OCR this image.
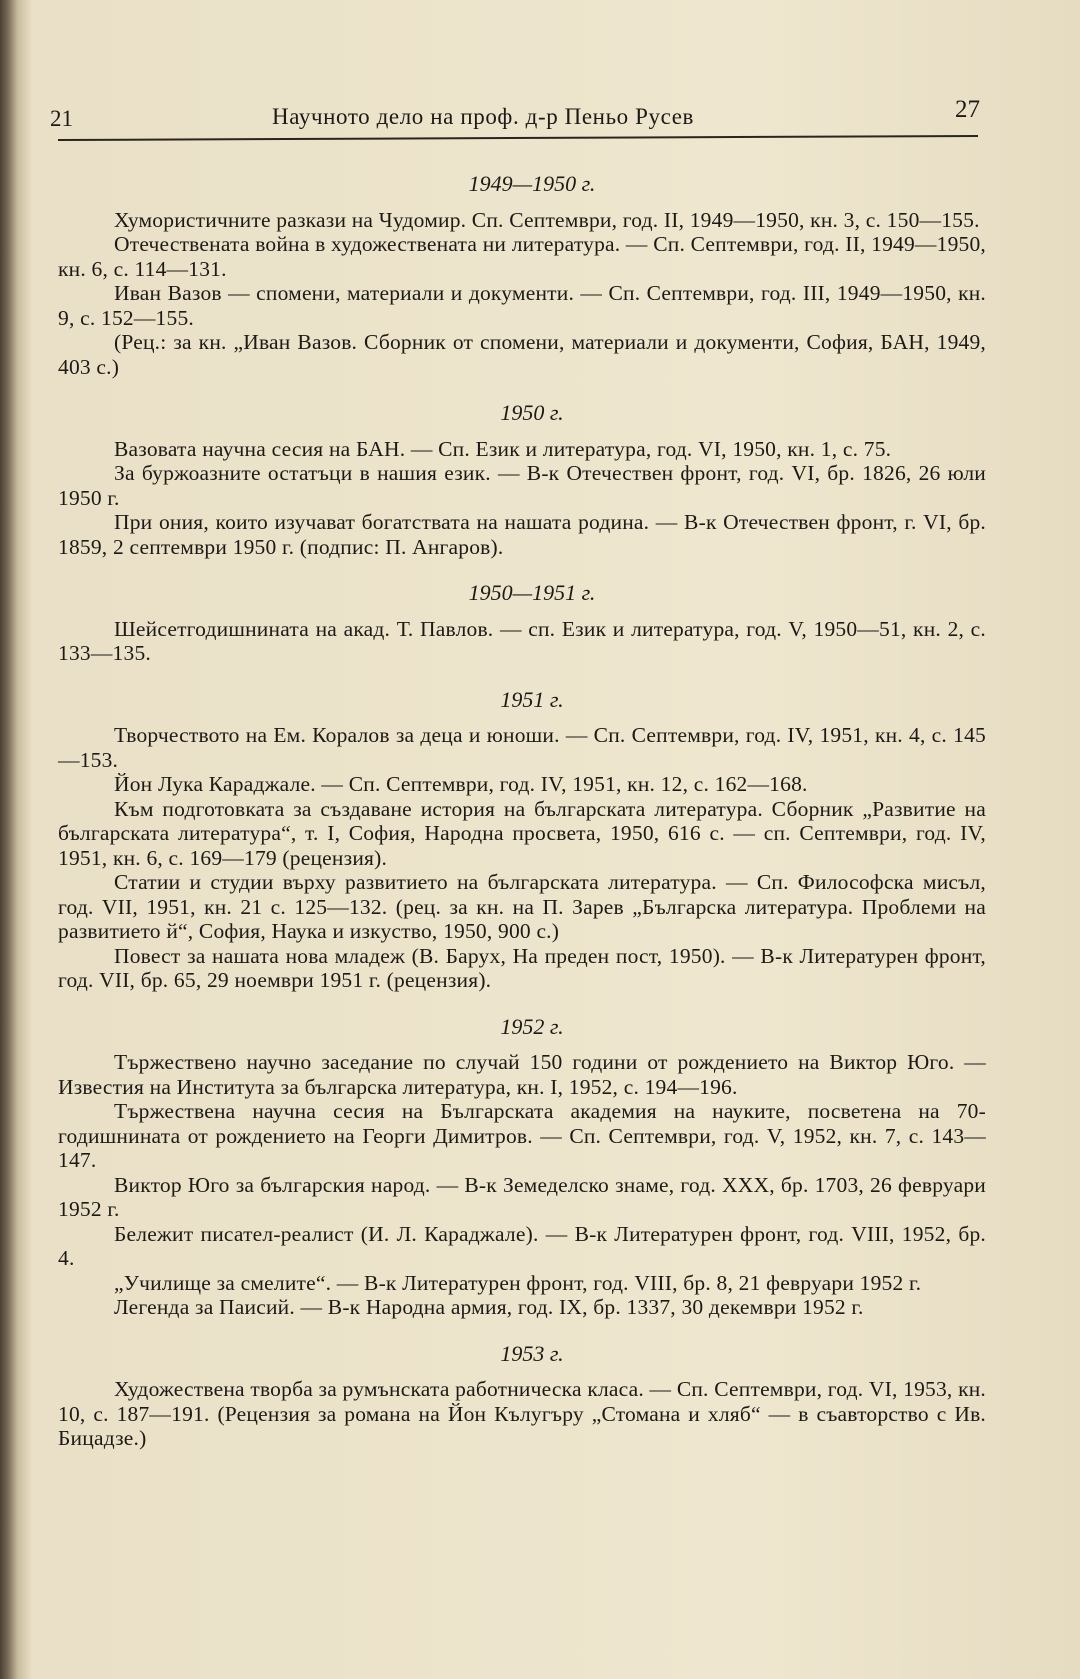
21	Научното дело на проф. д-р Пеньо Русев	27

1949—1950 г.

Хумористичните разкази на Чудомир. Сп. Септември, год. II, 1949—1950, кн. 3, с. 150—155.

Отечествената война в художествената ни литература. — Сп. Септември, год. II, 1949—1950, кн. 6, с. 114—131.

Иван Вазов — спомени, материали и документи. — Сп. Септември, год. III, 1949—1950, кн. 9, с. 152—155.

(Рец.: за кн. „Иван Вазов. Сборник от спомени, материали и документи, София, БАН, 1949, 403 с.)

1950 г.

Вазовата научна сесия на БАН. — Сп. Език и литература, год. VI, 1950, кн. 1, с. 75.

За буржоазните остатъци в нашия език. — В-к Отечествен фронт, год. VI, бр. 1826, 26 юли 1950 г.

При ония, които изучават богатствата на нашата родина. — В-к Отечествен фронт, г. VI, бр. 1859, 2 септември 1950 г. (подпис: П. Ангаров).

1950—1951 г.

Шейсетгодишнината на акад. Т. Павлов. — сп. Език и литература, год. V, 1950—51, кн. 2, с. 133—135.

1951 г.

Творчеството на Ем. Коралов за деца и юноши. — Сп. Септември, год. IV, 1951, кн. 4, с. 145—153.

Йон Лука Караджале. — Сп. Септември, год. IV, 1951, кн. 12, с. 162—168.

Към подготовката за създаване история на българската литература. Сборник „Развитие на българската литература“, т. I, София, Народна просвета, 1950, 616 с. — сп. Септември, год. IV, 1951, кн. 6, с. 169—179 (рецензия).

Статии и студии върху развитието на българската литература. — Сп. Философска мисъл, год. VII, 1951, кн. 21 с. 125—132. (рец. за кн. на П. Зарев „Българска литература. Проблеми на развитието й“, София, Наука и изкуство, 1950, 900 с.)

Повест за нашата нова младеж (В. Барух, На преден пост, 1950). — В-к Литературен фронт, год. VII, бр. 65, 29 ноември 1951 г. (рецензия).

1952 г.

Тържествено научно заседание по случай 150 години от рождението на Виктор Юго. — Известия на Института за българска литература, кн. I, 1952, с. 194—196.

Тържествена научна сесия на Българската академия на науките, посветена на 70-годишнината от рождението на Георги Димитров. — Сп. Септември, год. V, 1952, кн. 7, с. 143—147.

Виктор Юго за българския народ. — В-к Земеделско знаме, год. XXX, бр. 1703, 26 февруари 1952 г.

Бележит писател-реалист (И. Л. Караджале). — В-к Литературен фронт, год. VIII, 1952, бр. 4.

„Училище за смелите“. — В-к Литературен фронт, год. VIII, бр. 8, 21 февруари 1952 г.

Легенда за Паисий. — В-к Народна армия, год. IX, бр. 1337, 30 декември 1952 г.

1953 г.

Художествена творба за румънската работническа класа. — Сп. Септември, год. VI, 1953, кн. 10, с. 187—191. (Рецензия за романа на Йон Кълугъру „Стомана и хляб“ — в съавторство с Ив. Бицадзе.)
